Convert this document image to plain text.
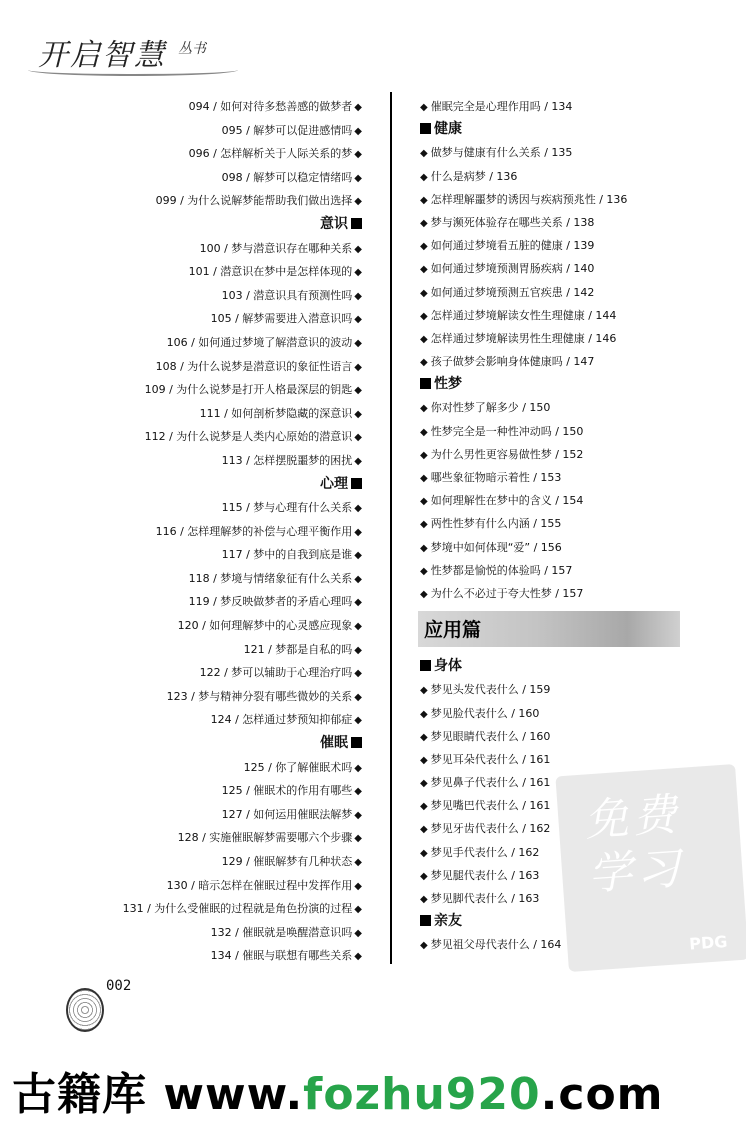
开启智慧 丛书
094 / 如何对待多愁善感的做梦者 ◆
095 / 解梦可以促进感情吗 ◆
096 / 怎样解析关于人际关系的梦 ◆
098 / 解梦可以稳定情绪吗 ◆
099 / 为什么说解梦能帮助我们做出选择 ◆
意识
100 / 梦与潜意识存在哪种关系 ◆
101 / 潜意识在梦中是怎样体现的 ◆
103 / 潜意识具有预测性吗 ◆
105 / 解梦需要进入潜意识吗 ◆
106 / 如何通过梦境了解潜意识的波动 ◆
108 / 为什么说梦是潜意识的象征性语言 ◆
109 / 为什么说梦是打开人格最深层的钥匙 ◆
111 / 如何剖析梦隐藏的深意识 ◆
112 / 为什么说梦是人类内心原始的潜意识 ◆
113 / 怎样摆脱噩梦的困扰 ◆
心理
115 / 梦与心理有什么关系 ◆
116 / 怎样理解梦的补偿与心理平衡作用 ◆
117 / 梦中的自我到底是谁 ◆
118 / 梦境与情绪象征有什么关系 ◆
119 / 梦反映做梦者的矛盾心理吗 ◆
120 / 如何理解梦中的心灵感应现象 ◆
121 / 梦都是自私的吗 ◆
122 / 梦可以辅助于心理治疗吗 ◆
123 / 梦与精神分裂有哪些微妙的关系 ◆
124 / 怎样通过梦预知抑郁症 ◆
催眠
125 / 你了解催眠术吗 ◆
125 / 催眠术的作用有哪些 ◆
127 / 如何运用催眠法解梦 ◆
128 / 实施催眠解梦需要哪六个步骤 ◆
129 / 催眠解梦有几种状态 ◆
130 / 暗示怎样在催眠过程中发挥作用 ◆
131 / 为什么受催眠的过程就是角色扮演的过程 ◆
132 / 催眠就是唤醒潜意识吗 ◆
134 / 催眠与联想有哪些关系 ◆
◆ 催眠完全是心理作用吗 / 134
健康
◆ 做梦与健康有什么关系 / 135
◆ 什么是病梦 / 136
◆ 怎样理解噩梦的诱因与疾病预兆性 / 136
◆ 梦与濒死体验存在哪些关系 / 138
◆ 如何通过梦境看五脏的健康 / 139
◆ 如何通过梦境预测胃肠疾病 / 140
◆ 如何通过梦境预测五官疾患 / 142
◆ 怎样通过梦境解读女性生理健康 / 144
◆ 怎样通过梦境解读男性生理健康 / 146
◆ 孩子做梦会影响身体健康吗 / 147
性梦
◆ 你对性梦了解多少 / 150
◆ 性梦完全是一种性冲动吗 / 150
◆ 为什么男性更容易做性梦 / 152
◆ 哪些象征物暗示着性 / 153
◆ 如何理解性在梦中的含义 / 154
◆ 两性性梦有什么内涵 / 155
◆ 梦境中如何体现“爱” / 156
◆ 性梦都是愉悦的体验吗 / 157
◆ 为什么不必过于夸大性梦 / 157
应用篇
身体
◆ 梦见头发代表什么 / 159
◆ 梦见脸代表什么 / 160
◆ 梦见眼睛代表什么 / 160
◆ 梦见耳朵代表什么 / 161
◆ 梦见鼻子代表什么 / 161
◆ 梦见嘴巴代表什么 / 161
◆ 梦见牙齿代表什么 / 162
◆ 梦见手代表什么 / 162
◆ 梦见腿代表什么 / 163
◆ 梦见脚代表什么 / 163
亲友
◆ 梦见祖父母代表什么 / 164
002
免费学习
PDG
古籍库 www.fozhu920.com
